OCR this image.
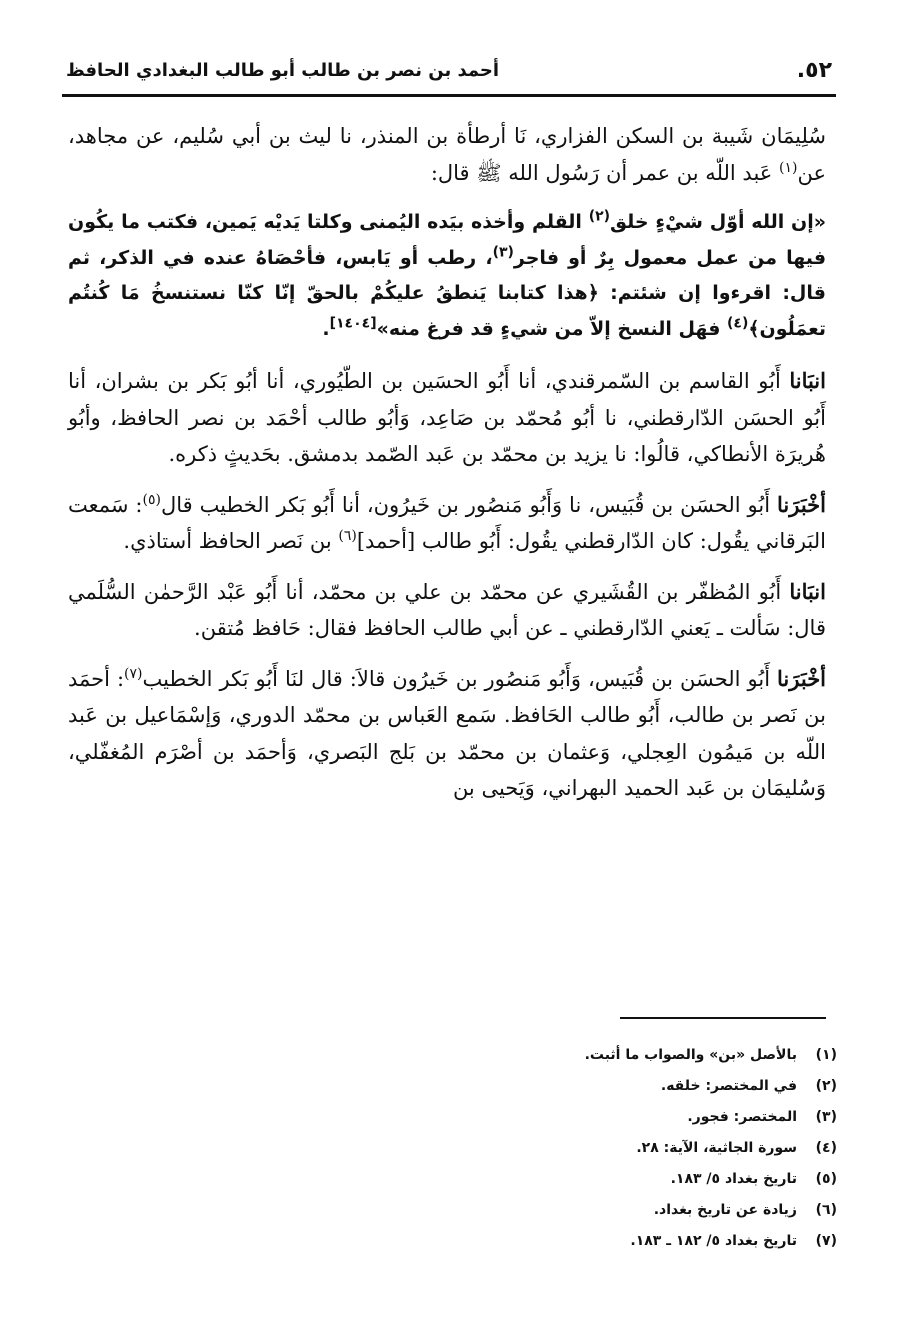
٥٢.
أحمد بن نصر بن طالب أبو طالب البغدادي الحافظ

سُلِيمَان شَيبة بن السكن الفزاري، نَا أرطأة بن المنذر، نا ليث بن أبي سُليم، عن مجاهد، عن$^{(١)}$ عَبد اللّه بن عمر أن رَسُول الله ﷺ قال:

«إن الله أوّل شيْءٍ خلق$^{(٢)}$ القلم وأخذه بيَده اليُمنى وكلتا يَديْه يَمين، فكتب ما يكُون فيها من عمل معمول بِرٌ أو فاجر$^{(٣)}$، رطب أو يَابس، فأحْصَاهُ عنده في الذكر، ثم قال: اقرءوا إن شئتم: ﴿هذا كتابنا يَنطقُ عليكُمْ بالحقّ إنّا كنّا نستنسخُ مَا كُنتُم تعمَلُون﴾$^{(٤)}$ فهَل النسخ إلاّ من شيءٍ قد فرغ منه»[١٤٠٤].

انبَانا أَبُو القاسم بن السّمرقندي، أنا أَبُو الحسَين بن الطّيُوري، أنا أبُو بَكر بن بشران، أنا أَبُو الحسَن الدّارقطني، نا أبُو مُحمّد بن صَاعِد، وَأبُو طالب أحْمَد بن نصر الحافظ، وأبُو هُريرَة الأنطاكي، قالُوا: نا يزيد بن محمّد بن عَبد الصّمد بدمشق. بحَديثٍ ذكره.

أخْبَرَنا أَبُو الحسَن بن قُبَيس، نا وَأَبُو مَنصُور بن خَيرُون، أنا أَبُو بَكر الخطيب قال$^{(٥)}$: سَمعت البَرقاني يقُول: كان الدّارقطني يقُول: أَبُو طالب [أحمد]$^{(٦)}$ بن نَصر الحافظ أستاذي.

انبَانا أَبُو المُظفّر بن القُشَيري عن محمّد بن علي بن محمّد، أنا أَبُو عَبْد الرَّحمٰن السُّلَمي قال: سَألت ـ يَعني الدّارقطني ـ عن أبي طالب الحافظ فقال: حَافظ مُتقن.

أخْبَرَنا أَبُو الحسَن بن قُبَيس، وَأَبُو مَنصُور بن خَيرُون قالاَ: قال لنَا أَبُو بَكر الخطيب$^{(٧)}$: أحمَد بن نَصر بن طالب، أَبُو طالب الحَافظ. سَمع العَباس بن محمّد الدوري، وَإسْمَاعيل بن عَبد اللّه بن مَيمُون العِجلي، وَعثمان بن محمّد بن بَلج البَصري، وَأحمَد بن أصْرَم المُغفّلي، وَسُليمَان بن عَبد الحميد البهراني، وَيَحيى بن

(١)بالأصل «بن» والصواب ما أثبت.
(٢)في المختصر: خلقه.
(٣)المختصر: فجور.
(٤)سورة الجاثية، الآية: ٢٨.
(٥)تاريخ بغداد ٥/ ١٨٣.
(٦)زيادة عن تاريخ بغداد.
(٧)تاريخ بغداد ٥/ ١٨٢ ـ ١٨٣.
